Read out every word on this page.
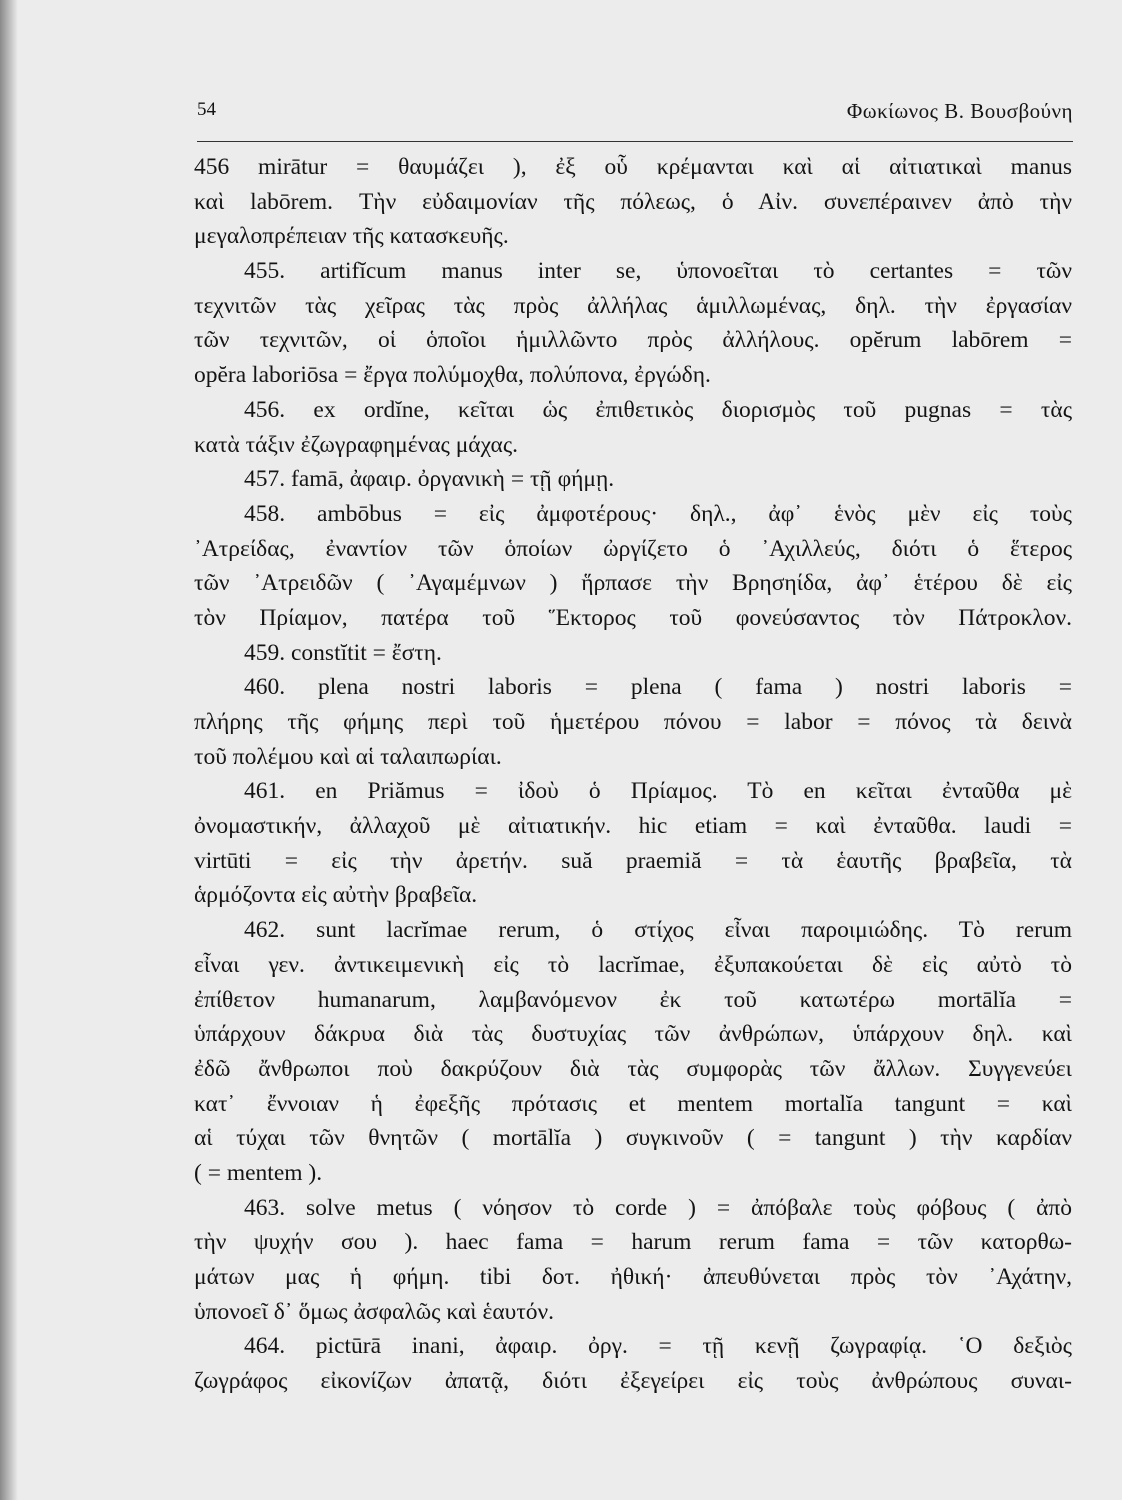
54	Φωκίωνος Β. Βουσβούνη
456 mirātur = θαυμάζει ), ἐξ οὗ κρέμανται καὶ αἱ αἰτιατικαὶ manus
καὶ labōrem. Τὴν εὐδαιμονίαν τῆς πόλεως, ὁ Αἰν. συνεπέραινεν ἀπὸ τὴν
μεγαλοπρέπειαν τῆς κατασκευῆς.
455. artifĭcum manus inter se, ὑπονοεῖται τὸ certantes = τῶν
τεχνιτῶν τὰς χεῖρας τὰς πρὸς ἀλλήλας ἁμιλλωμένας, δηλ. τὴν ἐργασίαν
τῶν τεχνιτῶν, οἱ ὁποῖοι ἡμιλλῶντο πρὸς ἀλλήλους. opĕrum labōrem =
opĕra laboriōsa = ἔργα πολύμοχθα, πολύπονα, ἐργώδη.
456. ex ordĭne, κεῖται ὡς ἐπιθετικὸς διορισμὸς τοῦ pugnas = τὰς
κατὰ τάξιν ἐζωγραφημένας μάχας.
457. famā, ἀφαιρ. ὀργανικὴ = τῇ φήμῃ.
458. ambōbus = εἰς ἀμφοτέρους· δηλ., ἀφ᾽ ἑνὸς μὲν εἰς τοὺς
᾽Ατρείδας, ἐναντίον τῶν ὁποίων ὠργίζετο ὁ ᾽Αχιλλεύς, διότι ὁ ἕτερος
τῶν ᾽Ατρειδῶν ( ᾽Αγαμέμνων ) ἥρπασε τὴν Βρησηίδα, ἀφ᾽ ἑτέρου δὲ εἰς
τὸν Πρίαμον, πατέρα τοῦ Ἕκτορος τοῦ φονεύσαντος τὸν Πάτροκλον.
459. constĭtit = ἔστη.
460. plena nostri laboris = plena ( fama ) nostri laboris =
πλήρης τῆς φήμης περὶ τοῦ ἡμετέρου πόνου = labor = πόνος τὰ δεινὰ
τοῦ πολέμου καὶ αἱ ταλαιπωρίαι.
461. en Priămus = ἰδοὺ ὁ Πρίαμος. Τὸ en κεῖται ἐνταῦθα μὲ
ὀνομαστικήν, ἀλλαχοῦ μὲ αἰτιατικήν. hic etiam = καὶ ἐνταῦθα. laudi =
virtūti = εἰς τὴν ἀρετήν. suă praemiă = τὰ ἑαυτῆς βραβεῖα, τὰ
ἁρμόζοντα εἰς αὐτὴν βραβεῖα.
462. sunt lacrĭmae rerum, ὁ στίχος εἶναι παροιμιώδης. Τὸ rerum
εἶναι γεν. ἀντικειμενικὴ εἰς τὸ lacrĭmae, ἐξυπακούεται δὲ εἰς αὐτὸ τὸ
ἐπίθετον humanarum, λαμβανόμενον ἐκ τοῦ κατωτέρω mortālĭa =
ὑπάρχουν δάκρυα διὰ τὰς δυστυχίας τῶν ἀνθρώπων, ὑπάρχουν δηλ. καὶ
ἐδῶ ἄνθρωποι ποὺ δακρύζουν διὰ τὰς συμφορὰς τῶν ἄλλων. Συγγενεύει
κατ᾽ ἔννοιαν ἡ ἐφεξῆς πρότασις et mentem mortalĭa tangunt = καὶ
αἱ τύχαι τῶν θνητῶν ( mortālĭa ) συγκινοῦν ( = tangunt ) τὴν καρδίαν
( = mentem ).
463. solve metus ( νόησον τὸ corde ) = ἀπόβαλε τοὺς φόβους ( ἀπὸ
τὴν ψυχήν σου ). haec fama = harum rerum fama = τῶν κατορθω-
μάτων μας ἡ φήμη. tibi δοτ. ἠθική· ἀπευθύνεται πρὸς τὸν ᾽Αχάτην,
ὑπονοεῖ δ᾽ ὅμως ἀσφαλῶς καὶ ἑαυτόν.
464. pictūrā inani, ἀφαιρ. ὀργ. = τῇ κενῇ ζωγραφίᾳ. ῾Ο δεξιὸς
ζωγράφος εἰκονίζων ἀπατᾷ, διότι ἐξεγείρει εἰς τοὺς ἀνθρώπους συναι-
